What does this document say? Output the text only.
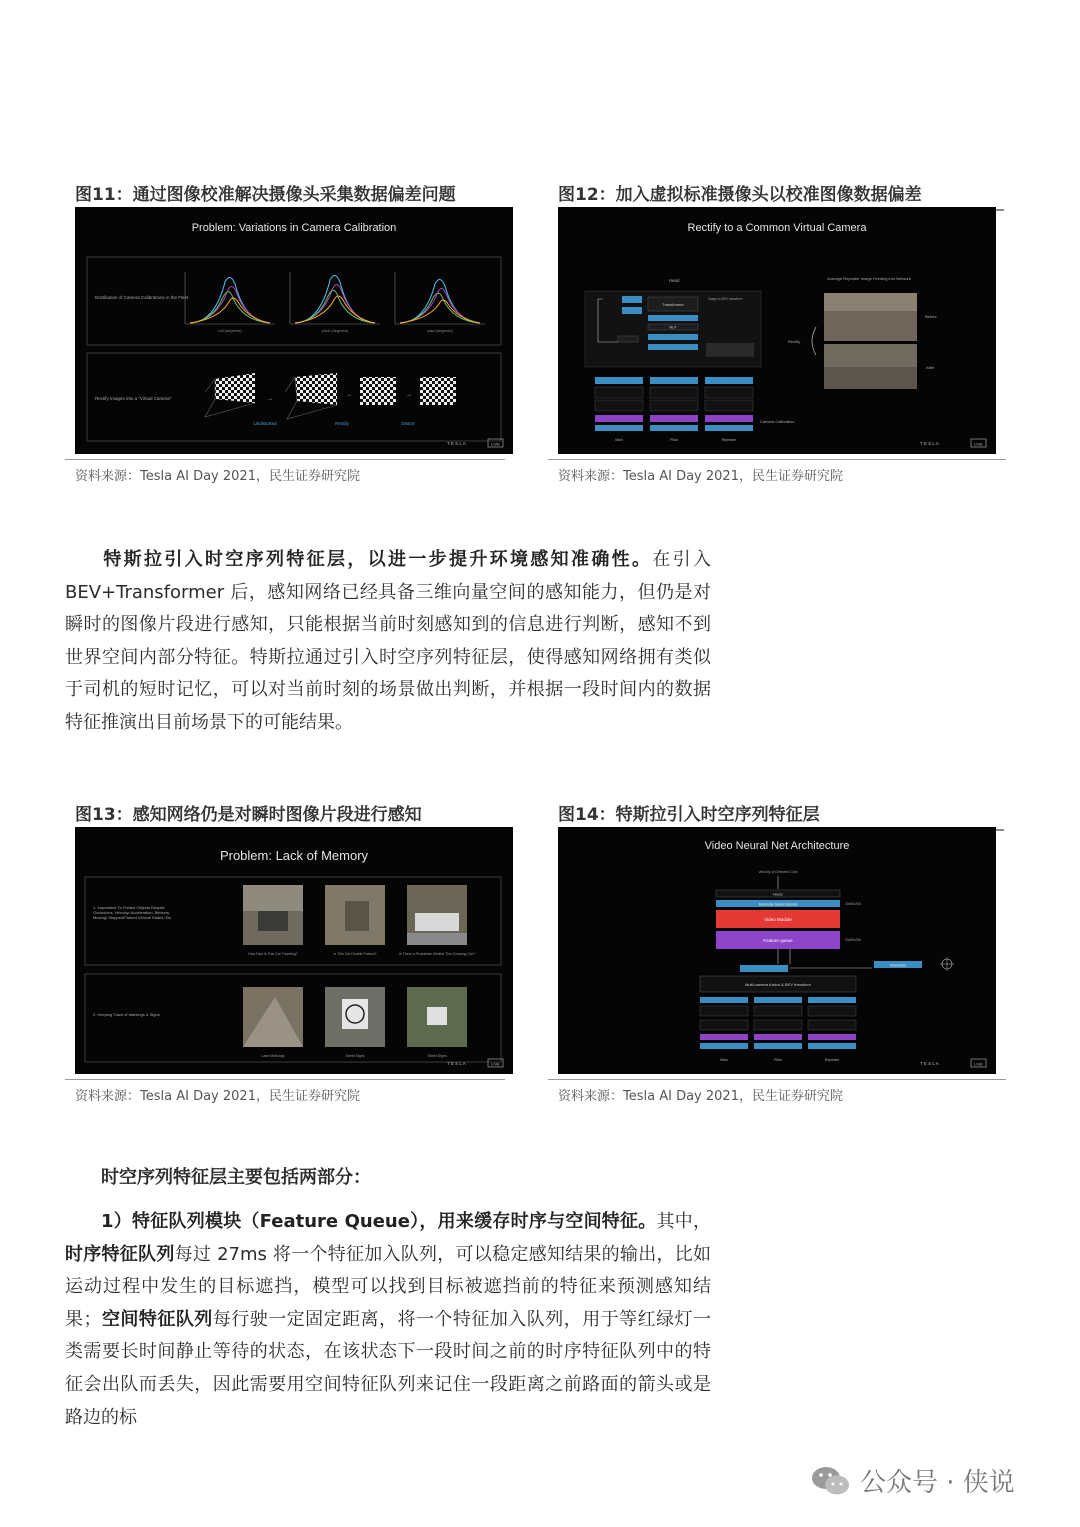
图11：通过图像校准解决摄像头采集数据偏差问题
Problem: Variations in Camera Calibration
Distribution of Camera Calibrations in the Fleet
roll (degrees)	pitch (degrees)	yaw (degrees)
Rectify Images into a "Virtual Camera"	→
→	→
Undistorted	Rectify	Distort
T E S L A	LIVE
资料来源：Tesla AI Day 2021，民生证券研究院
图12：加入虚拟标准摄像头以校准图像数据偏差
Rectify to a Common Virtual Camera
Head
Transformer
MLP
Image-to-BEV transform
Main	Pillar	Repeater
Camera Calibration
Average Repeater Image Feeding into Network
Before
After
Rectify
T E S L A	LIVE
资料来源：Tesla AI Day 2021，民生证券研究院

特斯拉引入时空序列特征层，以进一步提升环境感知准确性。在引入BEV+Transformer 后，感知网络已经具备三维向量空间的感知能力，但仍是对瞬时的图像片段进行感知，只能根据当前时刻感知到的信息进行判断，感知不到世界空间内部分特征。特斯拉通过引入时空序列特征层，使得感知网络拥有类似于司机的短时记忆，可以对当前时刻的场景做出判断，并根据一段时间内的数据特征推演出目前场景下的可能结果。

图13：感知网络仍是对瞬时图像片段进行感知
Problem: Lack of Memory
1. Impossible To Predict Objects Despite Occlusions, Velocity/ Acceleration, Blinkers, Moving/ Stopped/Parked Vehicle States, Etc.
How Fast Is This Car Traveling?	Is This Car Double Parked?	Is There a Pedestrian Behind This Crossing Car?
2. Keeping Track of Markings & Signs
Lane Markings	Street Signs	Street Signs
T E S L A	LIVE
资料来源：Tesla AI Day 2021，民生证券研究院
图14：特斯拉引入时空序列特征层
Video Neural Net Architecture
Velocity of Detected Cars
Heads
Multi-scale feature features	20x80x256
Video Module
Feature queue	20x80x256
Kinematics
Multi-camera fusion & BEV transform
Main	Pillar	Repeater
T E S L A	LIVE
资料来源：Tesla AI Day 2021，民生证券研究院

时空序列特征层主要包括两部分：

1）特征队列模块（Feature Queue），用来缓存时序与空间特征。其中，时序特征队列每过 27ms 将一个特征加入队列，可以稳定感知结果的输出，比如运动过程中发生的目标遮挡，模型可以找到目标被遮挡前的特征来预测感知结果；空间特征队列每行驶一定固定距离，将一个特征加入队列，用于等红绿灯一类需要长时间静止等待的状态，在该状态下一段时间之前的时序特征队列中的特征会出队而丢失，因此需要用空间特征队列来记住一段距离之前路面的箭头或是路边的标

公众号 · 侠说
